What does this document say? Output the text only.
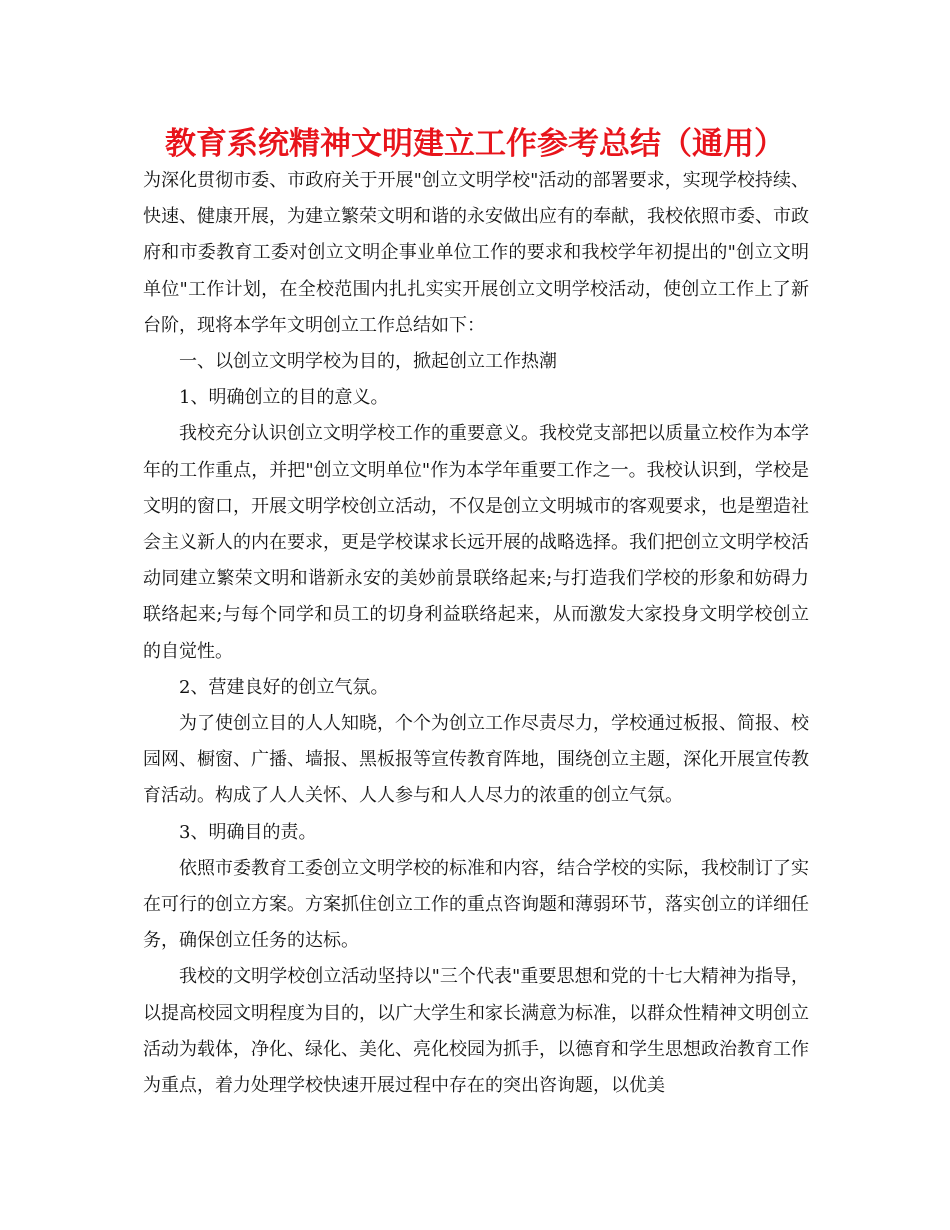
教育系统精神文明建立工作参考总结（通用）

为深化贯彻市委、市政府关于开展"创立文明学校"活动的部署要求，实现学校持续、快速、健康开展，为建立繁荣文明和谐的永安做出应有的奉献，我校依照市委、市政府和市委教育工委对创立文明企事业单位工作的要求和我校学年初提出的"创立文明单位"工作计划，在全校范围内扎扎实实开展创立文明学校活动，使创立工作上了新台阶，现将本学年文明创立工作总结如下：

一、以创立文明学校为目的，掀起创立工作热潮

1、明确创立的目的意义。

我校充分认识创立文明学校工作的重要意义。我校党支部把以质量立校作为本学年的工作重点，并把"创立文明单位"作为本学年重要工作之一。我校认识到，学校是文明的窗口，开展文明学校创立活动，不仅是创立文明城市的客观要求，也是塑造社会主义新人的内在要求，更是学校谋求长远开展的战略选择。我们把创立文明学校活动同建立繁荣文明和谐新永安的美妙前景联络起来;与打造我们学校的形象和妨碍力联络起来;与每个同学和员工的切身利益联络起来，从而激发大家投身文明学校创立的自觉性。

2、营建良好的创立气氛。

为了使创立目的人人知晓，个个为创立工作尽责尽力，学校通过板报、简报、校园网、橱窗、广播、墙报、黑板报等宣传教育阵地，围绕创立主题，深化开展宣传教育活动。构成了人人关怀、人人参与和人人尽力的浓重的创立气氛。

3、明确目的责。

依照市委教育工委创立文明学校的标准和内容，结合学校的实际，我校制订了实在可行的创立方案。方案抓住创立工作的重点咨询题和薄弱环节，落实创立的详细任务，确保创立任务的达标。

我校的文明学校创立活动坚持以"三个代表"重要思想和党的十七大精神为指导，以提高校园文明程度为目的，以广大学生和家长满意为标准，以群众性精神文明创立活动为载体，净化、绿化、美化、亮化校园为抓手，以德育和学生思想政治教育工作为重点，着力处理学校快速开展过程中存在的突出咨询题，以优美
